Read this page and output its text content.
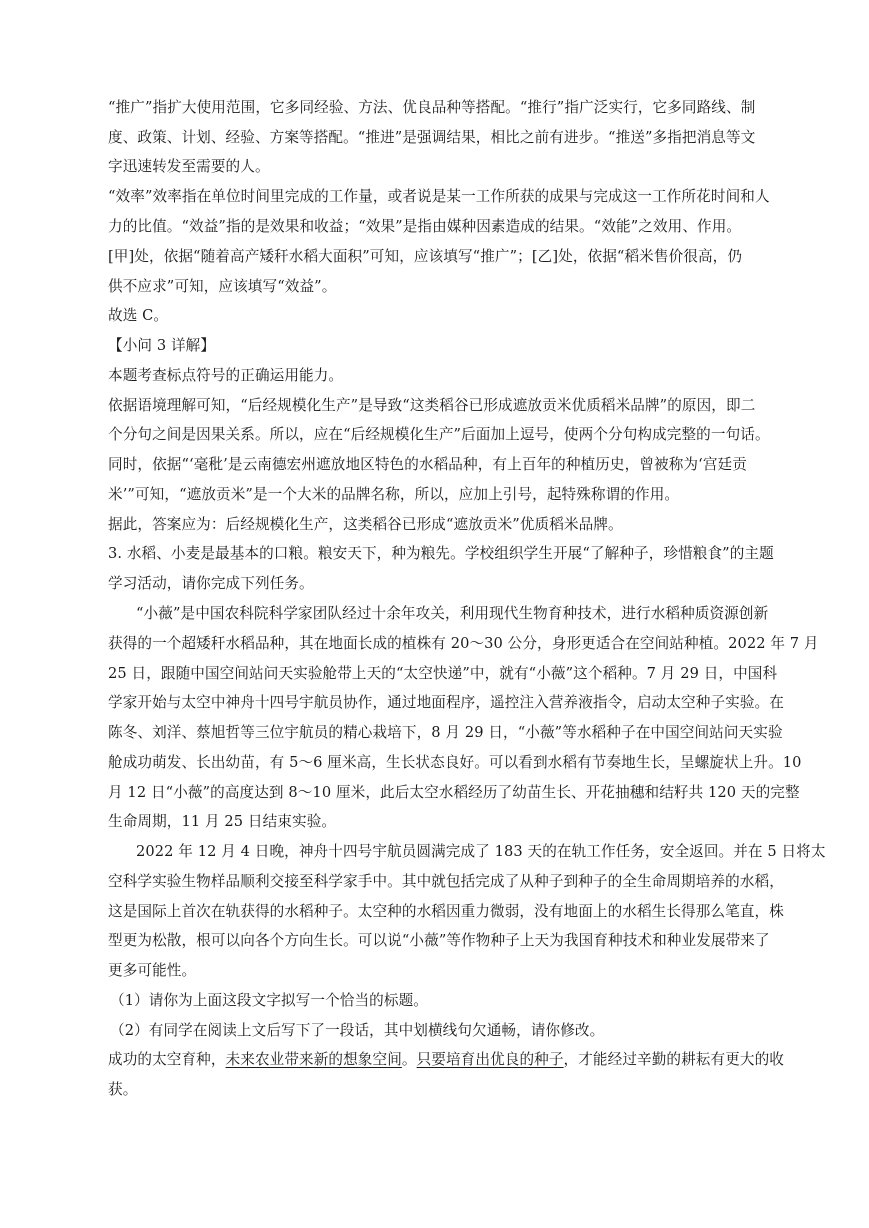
“推广”指扩大使用范围，它多同经验、方法、优良品种等搭配。“推行”指广泛实行，它多同路线、制
度、政策、计划、经验、方案等搭配。“推进”是强调结果，相比之前有进步。“推送”多指把消息等文
字迅速转发至需要的人。
“效率”效率指在单位时间里完成的工作量，或者说是某一工作所获的成果与完成这一工作所花时间和人
力的比值。“效益”指的是效果和收益；“效果”是指由媒种因素造成的结果。“效能”之效用、作用。
[甲]处，依据“随着高产矮秆水稻大面积”可知，应该填写“推广”；[乙]处，依据“稻米售价很高，仍
供不应求”可知，应该填写“效益”。
故选 C。
【小问 3 详解】
本题考查标点符号的正确运用能力。
依据语境理解可知，“后经规模化生产”是导致“这类稻谷已形成遮放贡米优质稻米品牌”的原因，即二
个分句之间是因果关系。所以，应在“后经规模化生产”后面加上逗号，使两个分句构成完整的一句话。
同时，依据“‘毫秕’是云南德宏州遮放地区特色的水稻品种，有上百年的种植历史，曾被称为‘宫廷贡
米’”可知，“遮放贡米”是一个大米的品牌名称，所以，应加上引号，起特殊称谓的作用。
据此，答案应为：后经规模化生产，这类稻谷已形成“遮放贡米”优质稻米品牌。
3. 水稻、小麦是最基本的口粮。粮安天下，种为粮先。学校组织学生开展“了解种子，珍惜粮食”的主题
学习活动，请你完成下列任务。
“小薇”是中国农科院科学家团队经过十余年攻关，利用现代生物育种技术，进行水稻种质资源创新
获得的一个超矮秆水稻品种，其在地面长成的植株有 20～30 公分，身形更适合在空间站种植。2022 年 7 月
25 日，跟随中国空间站问天实验舱带上天的“太空快递”中，就有“小薇”这个稻种。7 月 29 日，中国科
学家开始与太空中神舟十四号宇航员协作，通过地面程序，遥控注入营养液指令，启动太空种子实验。在
陈冬、刘洋、蔡旭哲等三位宇航员的精心栽培下，8 月 29 日，“小薇”等水稻种子在中国空间站问天实验
舱成功萌发、长出幼苗，有 5～6 厘米高，生长状态良好。可以看到水稻有节奏地生长，呈螺旋状上升。10
月 12 日“小薇”的高度达到 8～10 厘米，此后太空水稻经历了幼苗生长、开花抽穗和结籽共 120 天的完整
生命周期，11 月 25 日结束实验。
2022 年 12 月 4 日晚，神舟十四号宇航员圆满完成了 183 天的在轨工作任务，安全返回。并在 5 日将太
空科学实验生物样品顺利交接至科学家手中。其中就包括完成了从种子到种子的全生命周期培养的水稻，
这是国际上首次在轨获得的水稻种子。太空种的水稻因重力微弱，没有地面上的水稻生长得那么笔直，株
型更为松散，根可以向各个方向生长。可以说“小薇”等作物种子上天为我国育种技术和种业发展带来了
更多可能性。
（1）请你为上面这段文字拟写一个恰当的标题。
（2）有同学在阅读上文后写下了一段话，其中划横线句欠通畅，请你修改。
成功的太空育种，未来农业带来新的想象空间。只要培育出优良的种子，才能经过辛勤的耕耘有更大的收
获。
